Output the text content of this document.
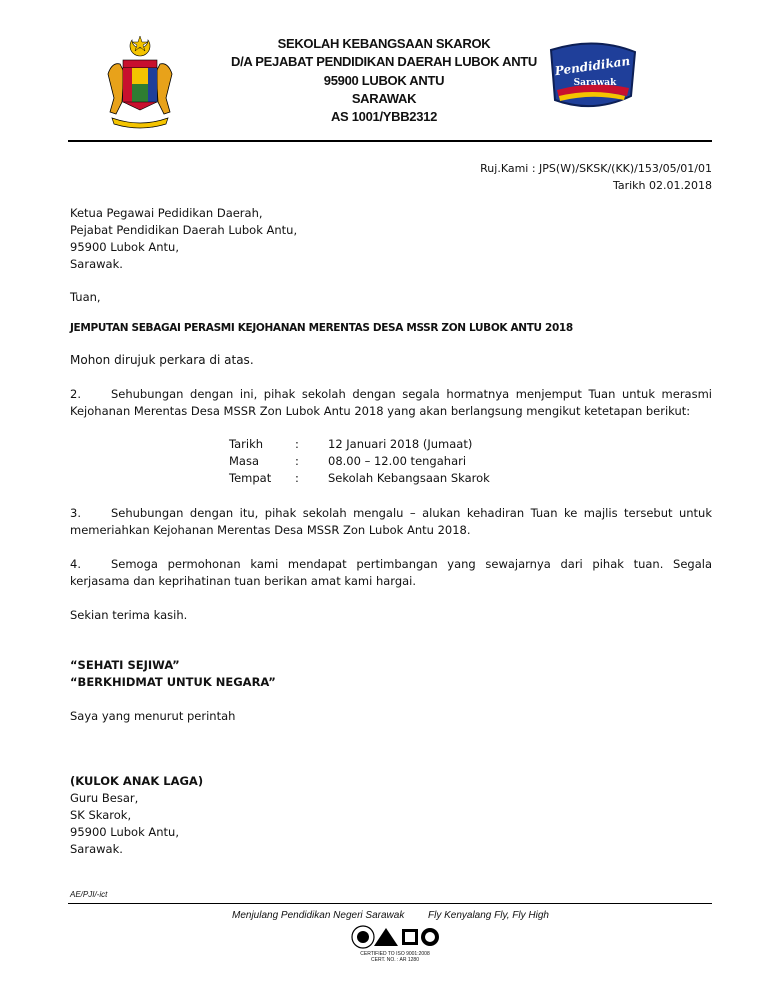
SEKOLAH KEBANGSAAN SKAROK
D/A PEJABAT PENDIDIKAN DAERAH LUBOK ANTU
95900 LUBOK ANTU
SARAWAK
AS 1001/YBB2312
Pendidikan
Sarawak
Ruj.Kami : JPS(W)/SKSK/(KK)/153/05/01/01
Tarikh 02.01.2018
Ketua Pegawai Pedidikan Daerah,
Pejabat Pendidikan Daerah Lubok Antu,
95900 Lubok Antu,
Sarawak.
Tuan,
JEMPUTAN SEBAGAI PERASMI KEJOHANAN MERENTAS DESA MSSR ZON LUBOK ANTU 2018
Mohon dirujuk perkara di atas.
2.	Sehubungan dengan ini, pihak sekolah dengan segala hormatnya menjemput Tuan untuk merasmi Kejohanan Merentas Desa MSSR Zon Lubok Antu 2018 yang akan berlangsung mengikut ketetapan berikut:
Tarikh	:	12 Januari 2018 (Jumaat)
Masa	:	08.00 – 12.00 tengahari
Tempat :	Sekolah Kebangsaan Skarok
3.	Sehubungan dengan itu, pihak sekolah mengalu – alukan kehadiran Tuan ke majlis tersebut untuk memeriahkan Kejohanan Merentas Desa MSSR Zon Lubok Antu 2018.
4.	Semoga permohonan kami mendapat pertimbangan yang sewajarnya dari pihak tuan. Segala kerjasama dan keprihatinan tuan berikan amat kami hargai.
Sekian terima kasih.
“SEHATI SEJIWA”
“BERKHIDMAT UNTUK NEGARA”
Saya yang menurut perintah
(KULOK ANAK LAGA)
Guru Besar,
SK Skarok,
95900 Lubok Antu,
Sarawak.
AE/PJI/-ict
Menjulang Pendidikan Negeri Sarawak Fly Kenyalang Fly, Fly High
CERTIFIED TO ISO 9001:2008
CERT. NO. : AR 1280
